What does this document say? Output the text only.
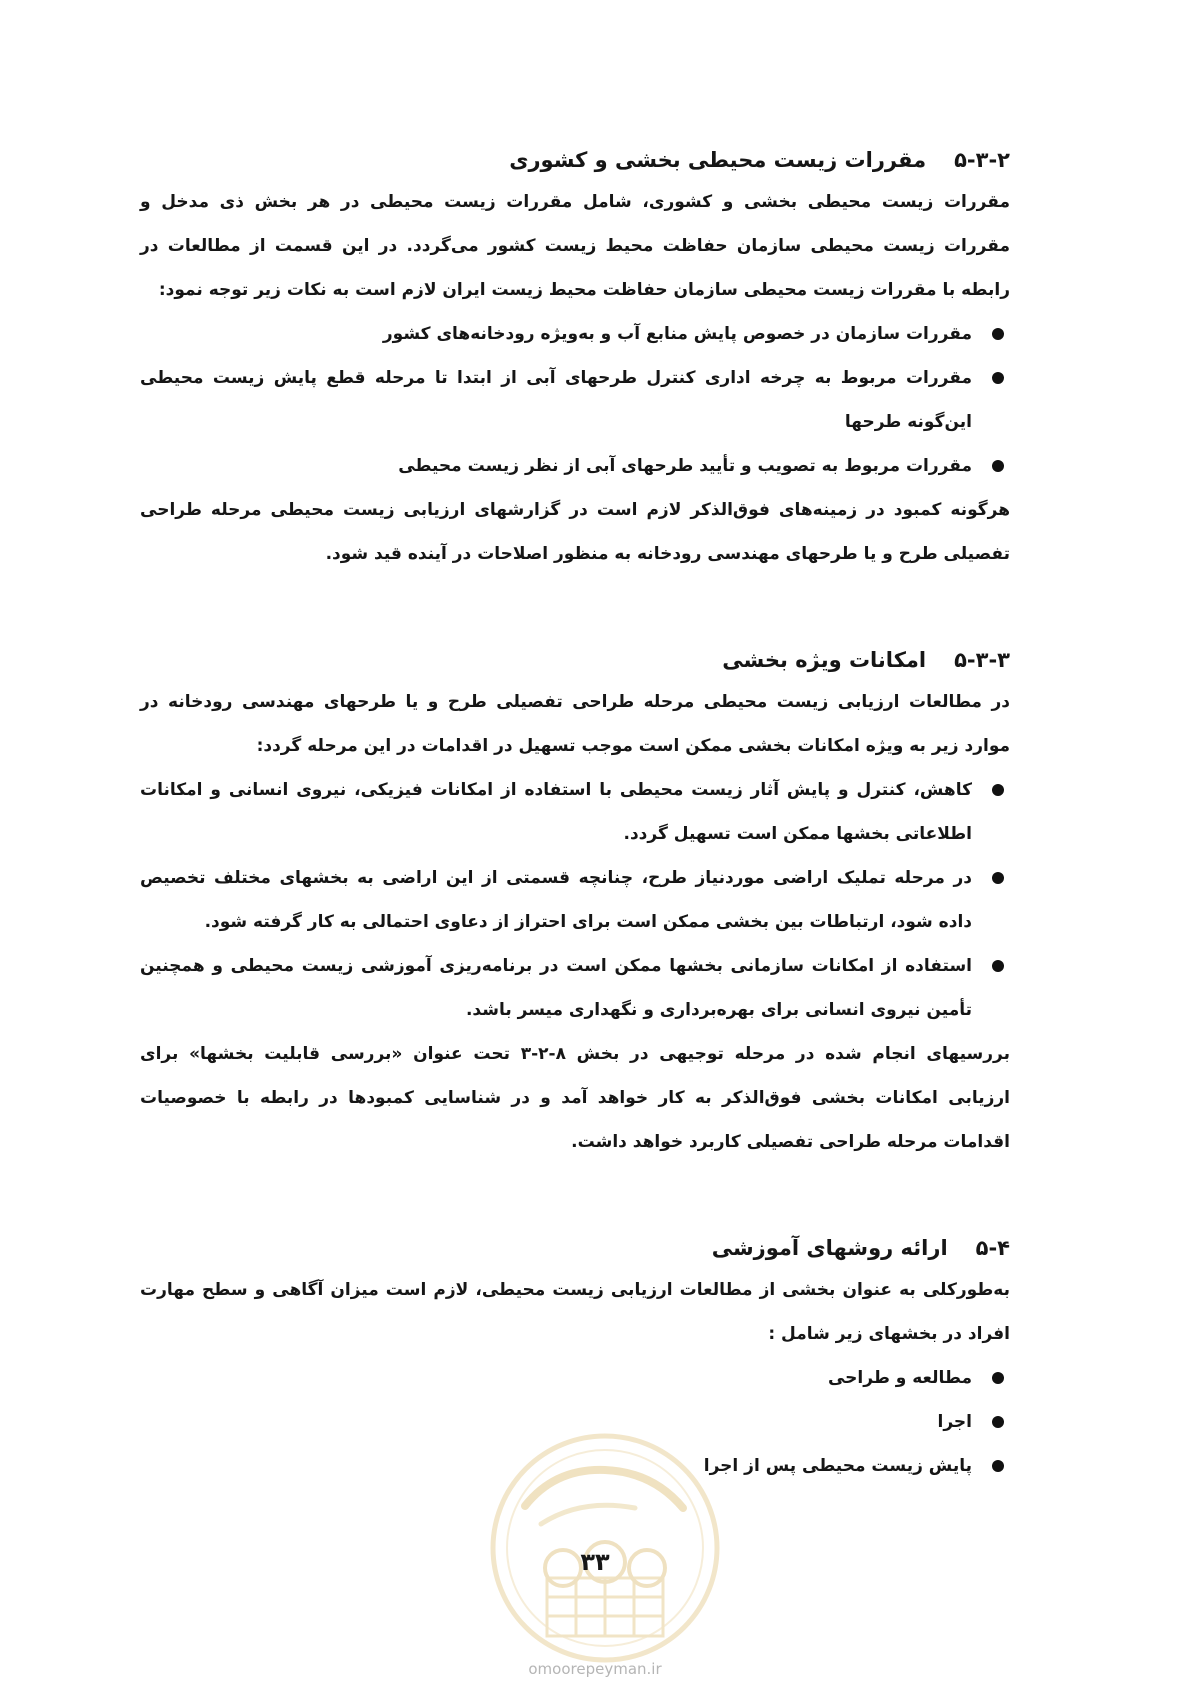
۵-۳-۲مقررات زیست محیطی بخشی و کشوری
مقررات زیست محیطی بخشی و کشوری، شامل مقررات زیست محیطی در هر بخش ذی مدخل و مقررات زیست محیطی سازمان حفاظت محیط زیست کشور می‌گردد. در این قسمت از مطالعات در رابطه با مقررات زیست محیطی سازمان حفاظت محیط زیست ایران لازم است به نکات زیر توجه نمود:
مقررات سازمان در خصوص پایش منابع آب و به‌ویژه رودخانه‌های کشور
مقررات مربوط به چرخه اداری کنترل طرحهای آبی از ابتدا تا مرحله قطع پایش زیست محیطی این‌گونه طرحها
مقررات مربوط به تصویب و تأیید طرحهای آبی از نظر زیست محیطی
هرگونه کمبود در زمینه‌های فوق‌الذکر لازم است در گزارشهای ارزیابی زیست محیطی مرحله طراحی تفصیلی طرح و یا طرحهای مهندسی رودخانه به منظور اصلاحات در آینده قید شود.
۵-۳-۳امکانات ویژه بخشی
در مطالعات ارزیابی زیست محیطی مرحله طراحی تفصیلی طرح و یا طرحهای مهندسی رودخانه در موارد زیر به ویژه امکانات بخشی ممکن است موجب تسهیل در اقدامات در این مرحله گردد:
کاهش، کنترل و پایش آثار زیست محیطی با استفاده از امکانات فیزیکی، نیروی انسانی و امکانات اطلاعاتی بخشها ممکن است تسهیل گردد.
در مرحله تملیک اراضی موردنیاز طرح، چنانچه قسمتی از این اراضی به بخشهای مختلف تخصیص داده شود، ارتباطات بین بخشی ممکن است برای احتراز از دعاوی احتمالی به کار گرفته شود.
استفاده از امکانات سازمانی بخشها ممکن است در برنامه‌ریزی آموزشی زیست محیطی و همچنین تأمین نیروی انسانی برای بهره‌برداری و نگهداری میسر باشد.
بررسیهای انجام شده در مرحله توجیهی در بخش ۸-۲-۳ تحت عنوان «بررسی قابلیت بخشها» برای ارزیابی امکانات بخشی فوق‌الذکر به کار خواهد آمد و در شناسایی کمبودها در رابطه با خصوصیات اقدامات مرحله طراحی تفصیلی کاربرد خواهد داشت.
۵-۴ارائه روشهای آموزشی
به‌طورکلی به عنوان بخشی از مطالعات ارزیابی زیست محیطی، لازم است میزان آگاهی و سطح مهارت افراد در بخشهای زیر شامل :
مطالعه و طراحی
اجرا
پایش زیست محیطی پس از اجرا
۳۳
omoorepeyman.ir
